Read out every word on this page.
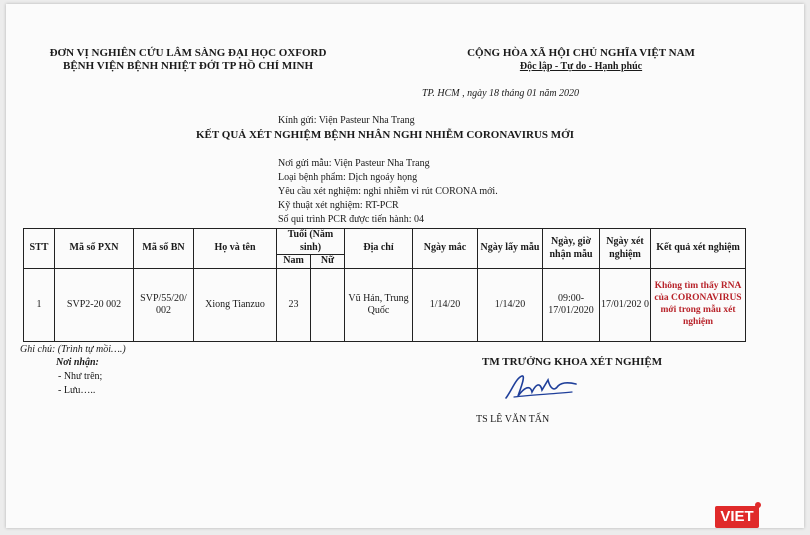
ĐƠN VỊ NGHIÊN CỨU LÂM SÀNG ĐẠI HỌC OXFORD
BỆNH VIỆN BỆNH NHIỆT ĐỚI TP HỒ CHÍ MINH
CỘNG HÒA XÃ HỘI CHỦ NGHĨA VIỆT NAM
Độc lập - Tự do - Hạnh phúc
TP. HCM , ngày 18 tháng 01 năm 2020
Kính gửi: Viện Pasteur Nha Trang
KẾT QUẢ XÉT NGHIỆM BỆNH NHÂN NGHI NHIỄM CORONAVIRUS MỚI
Nơi gửi mẫu: Viện Pasteur Nha Trang
Loại bệnh phẩm: Dịch ngoáy họng
Yêu cầu xét nghiệm: nghi nhiễm vi rút CORONA mới.
Kỹ thuật xét nghiệm: RT-PCR
Số qui trình PCR được tiến hành: 04
STT	Mã số PXN	Mã số BN	Họ và tên	Tuổi (Năm sinh)		Địa chỉ	Ngày mắc	Ngày lấy mẫu	Ngày, giờ nhận mẫu	Ngày xét nghiệm	Kết quả xét nghiệm
				Nam	Nữ						
1	SVP2-20 002	SVP/55/20/ 002	Xiong Tianzuo	23		Vũ Hán, Trung Quốc	1/14/20	1/14/20	09:00- 17/01/2020	17/01/202 0	Không tìm thấy RNA của CORONAVIRUS mới trong mẫu xét nghiệm
Ghi chú: (Trình tự mồi….)
Nơi nhận:
- Như trên;
- Lưu…..
TM TRƯỞNG KHOA XÉT NGHIỆM
TS LÊ VĂN TẤN
VIET
